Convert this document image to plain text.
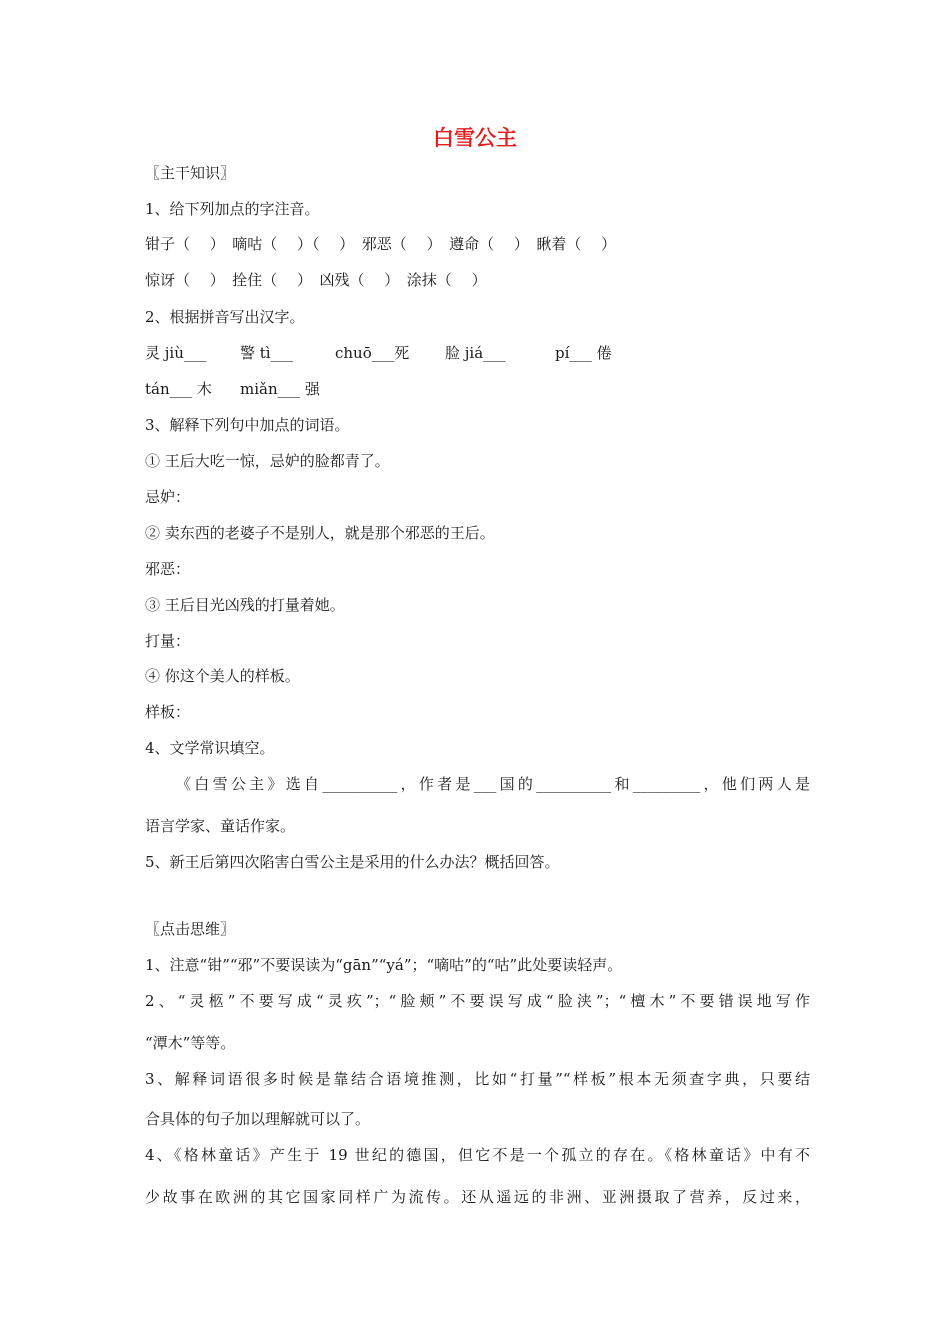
白雪公主
〖主干知识〗
1、给下列加点的字注音。
钳子（　 ）　嘀咕（　 ）（　 ）　邪恶（　 ）　遵命（　 ）　瞅着（　 ）
惊讶（　 ）　拴住（　 ）　凶残（　 ）　涂抹（　 ）
2、根据拼音写出汉字。
灵 jiù___ 警 tì___	chuō___死 脸 jiá___	pí___ 倦
tán___ 木 miǎn___ 强
3、解释下列句中加点的词语。
① 王后大吃一惊，忌妒的脸都青了。
忌妒：
② 卖东西的老婆子不是别人，就是那个邪恶的王后。
邪恶：
③ 王后目光凶残的打量着她。
打量：
④ 你这个美人的样板。
样板：
4、文学常识填空。
《白雪公主》选自__________，作者是___国的__________和_________，他们两人是
语言学家、童话作家。
5、新王后第四次陷害白雪公主是采用的什么办法？概括回答。
〖点击思维〗
1、注意“钳”“邪”不要误读为“gān”“yá”；“嘀咕”的“咕”此处要读轻声。
2、“灵柩”不要写成“灵疚”；“脸颊”不要误写成“脸浃”；“檀木”不要错误地写作
“潭木”等等。
3、解释词语很多时候是靠结合语境推测，比如“打量”“样板”根本无须查字典，只要结
合具体的句子加以理解就可以了。
4、《格林童话》产生于 19 世纪的德国，但它不是一个孤立的存在。《格林童话》中有不
少故事在欧洲的其它国家同样广为流传。还从遥远的非洲、亚洲摄取了营养，反过来，
